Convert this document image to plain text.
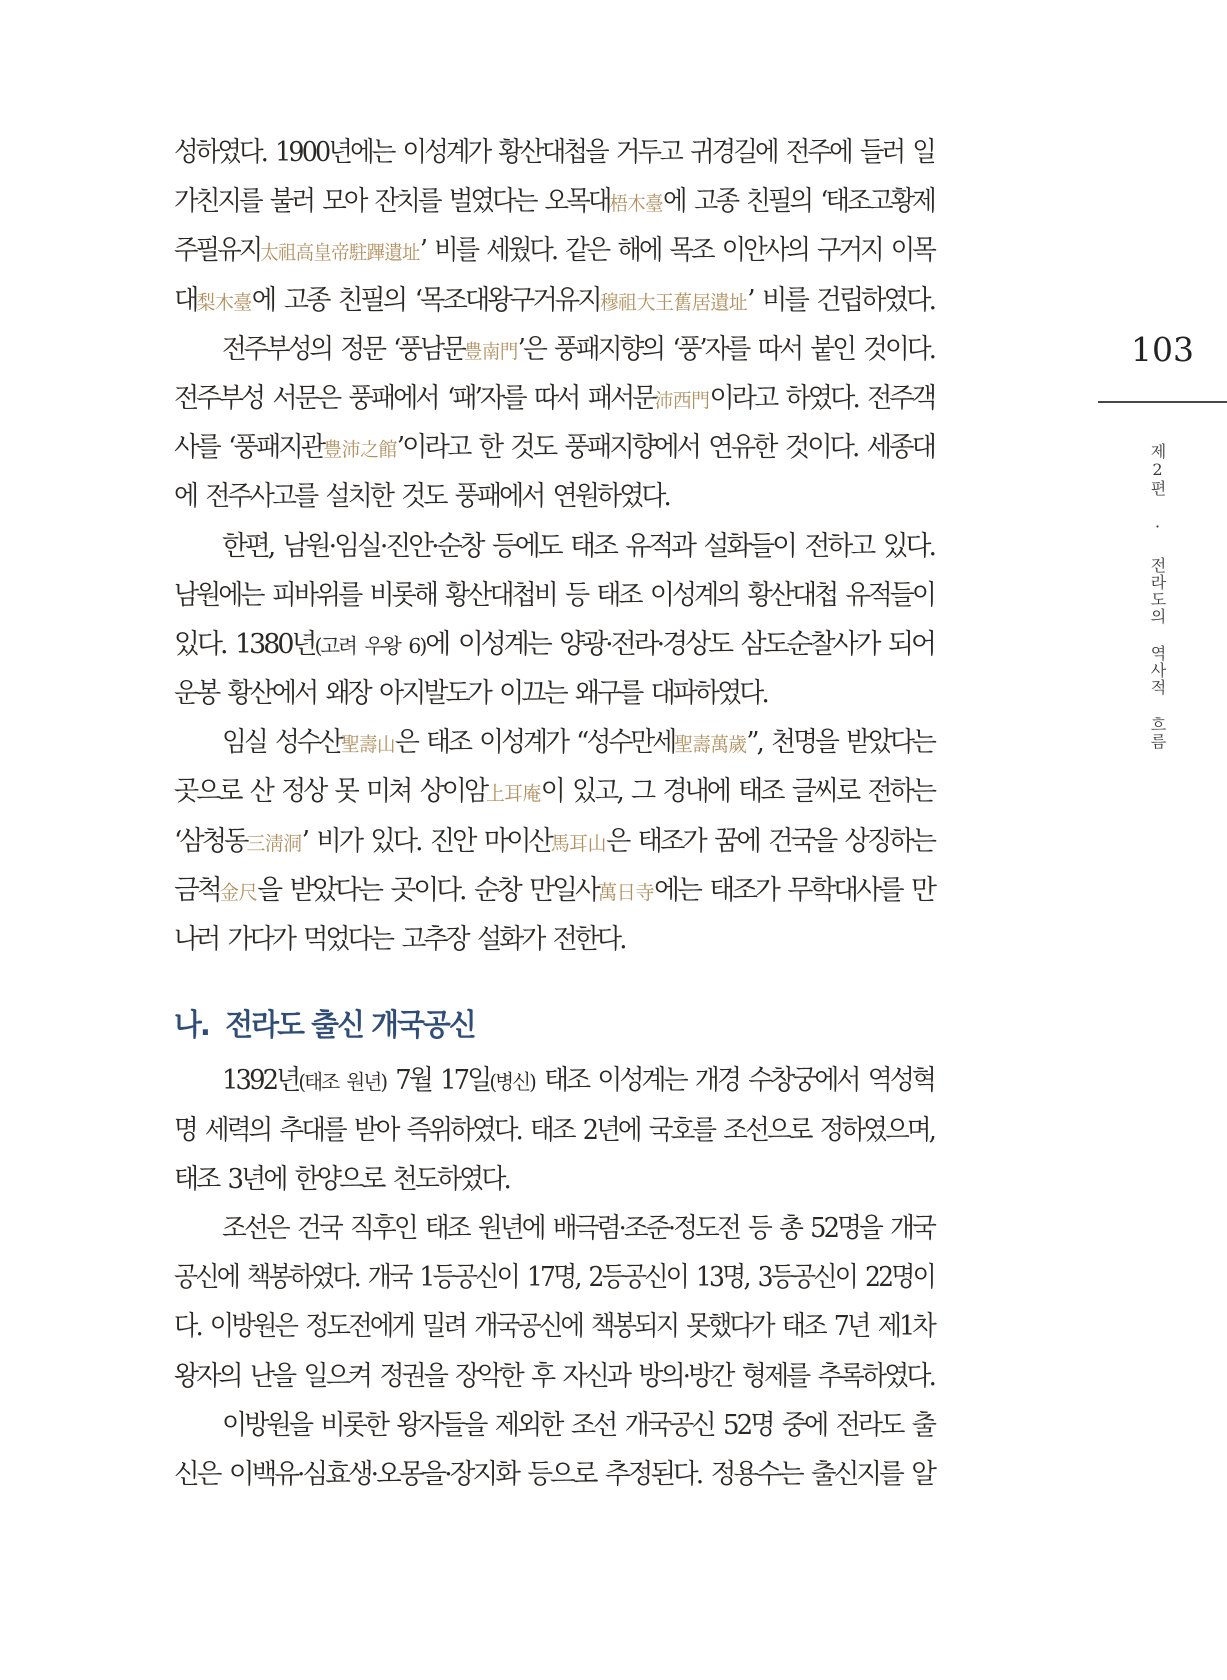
성하였다. 1900년에는 이성계가 황산대첩을 거두고 귀경길에 전주에 들러 일
가친지를 불러 모아 잔치를 벌였다는 오목대梧木臺에 고종 친필의 ‘태조고황제
주필유지太祖高皇帝駐蹕遺址’ 비를 세웠다. 같은 해에 목조 이안사의 구거지 이목
대梨木臺에 고종 친필의 ‘목조대왕구거유지穆祖大王舊居遺址’ 비를 건립하였다.
전주부성의 정문 ‘풍남문豊南門’은 풍패지향의 ‘풍’자를 따서 붙인 것이다.
전주부성 서문은 풍패에서 ‘패’자를 따서 패서문沛西門이라고 하였다. 전주객
사를 ‘풍패지관豊沛之館’이라고 한 것도 풍패지향에서 연유한 것이다. 세종대
에 전주사고를 설치한 것도 풍패에서 연원하였다.
한편, 남원·임실·진안·순창 등에도 태조 유적과 설화들이 전하고 있다.
남원에는 피바위를 비롯해 황산대첩비 등 태조 이성계의 황산대첩 유적들이
있다. 1380년(고려 우왕 6)에 이성계는 양광·전라·경상도 삼도순찰사가 되어
운봉 황산에서 왜장 아지발도가 이끄는 왜구를 대파하였다.
임실 성수산聖壽山은 태조 이성계가 “성수만세聖壽萬歲”, 천명을 받았다는
곳으로 산 정상 못 미쳐 상이암上耳庵이 있고, 그 경내에 태조 글씨로 전하는
‘삼청동三淸洞’ 비가 있다. 진안 마이산馬耳山은 태조가 꿈에 건국을 상징하는
금척金尺을 받았다는 곳이다. 순창 만일사萬日寺에는 태조가 무학대사를 만
나러 가다가 먹었다는 고추장 설화가 전한다.
나. 전라도 출신 개국공신
1392년(태조 원년) 7월 17일(병신) 태조 이성계는 개경 수창궁에서 역성혁
명 세력의 추대를 받아 즉위하였다. 태조 2년에 국호를 조선으로 정하였으며,
태조 3년에 한양으로 천도하였다.
조선은 건국 직후인 태조 원년에 배극렴·조준·정도전 등 총 52명을 개국
공신에 책봉하였다. 개국 1등공신이 17명, 2등공신이 13명, 3등공신이 22명이
다. 이방원은 정도전에게 밀려 개국공신에 책봉되지 못했다가 태조 7년 제1차
왕자의 난을 일으켜 정권을 장악한 후 자신과 방의·방간 형제를 추록하였다.
이방원을 비롯한 왕자들을 제외한 조선 개국공신 52명 중에 전라도 출
신은 이백유·심효생·오몽을·장지화 등으로 추정된다. 정용수는 출신지를 알
103
제2편 · 전라도의 역사적 흐름
